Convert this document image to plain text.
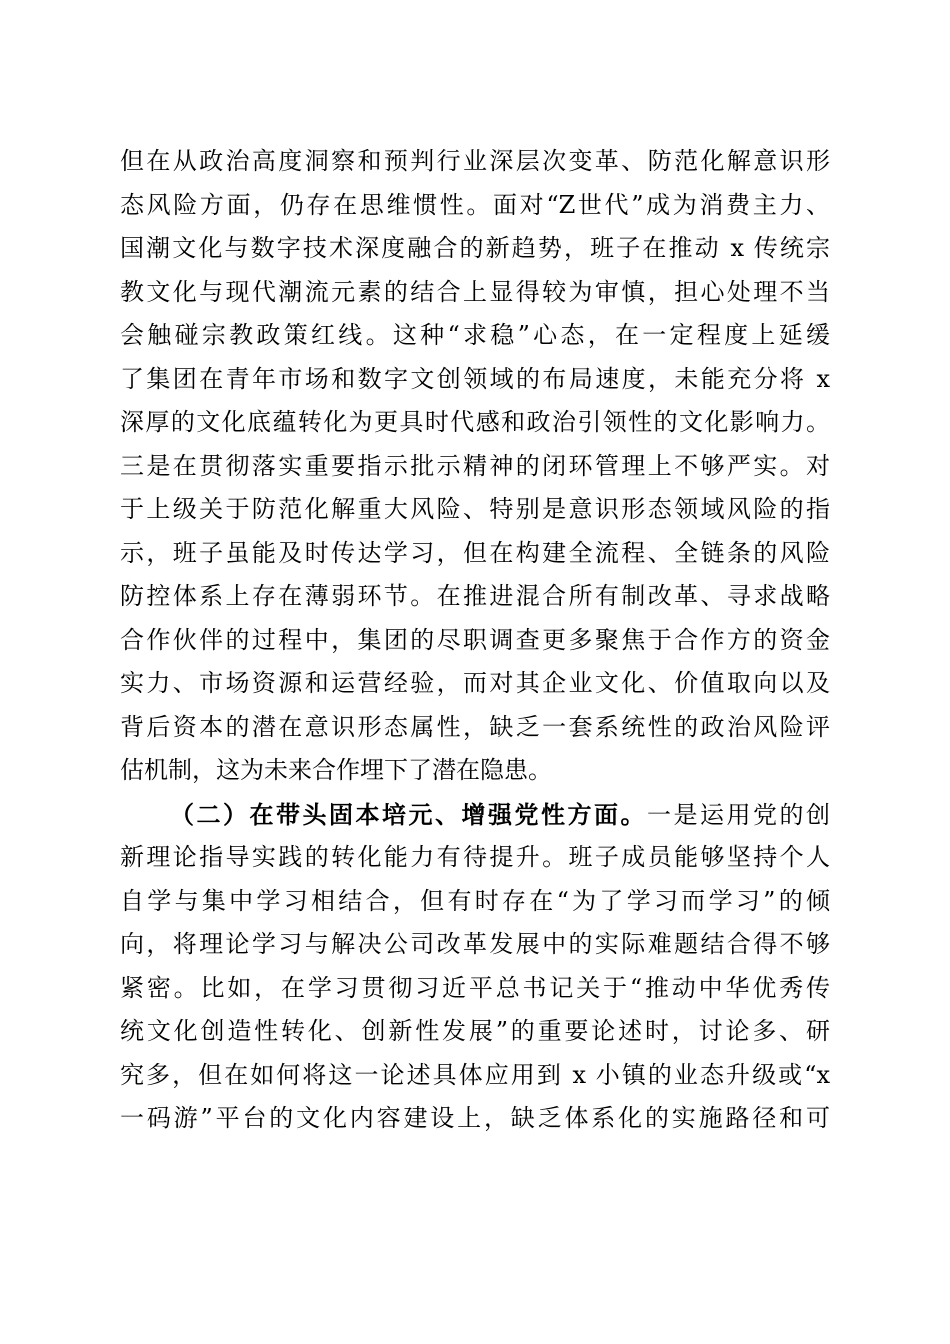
但在从政治高度洞察和预判行业深层次变革、防范化解意识形
态风险方面，仍存在思维惯性。面对“Z世代”成为消费主力、
国潮文化与数字技术深度融合的新趋势，班子在推动 x 传统宗
教文化与现代潮流元素的结合上显得较为审慎，担心处理不当
会触碰宗教政策红线。这种“求稳”心态，在一定程度上延缓
了集团在青年市场和数字文创领域的布局速度，未能充分将 x
深厚的文化底蕴转化为更具时代感和政治引领性的文化影响力。
三是在贯彻落实重要指示批示精神的闭环管理上不够严实。对
于上级关于防范化解重大风险、特别是意识形态领域风险的指
示，班子虽能及时传达学习，但在构建全流程、全链条的风险
防控体系上存在薄弱环节。在推进混合所有制改革、寻求战略
合作伙伴的过程中，集团的尽职调查更多聚焦于合作方的资金
实力、市场资源和运营经验，而对其企业文化、价值取向以及
背后资本的潜在意识形态属性，缺乏一套系统性的政治风险评
估机制，这为未来合作埋下了潜在隐患。
（二）在带头固本培元、增强党性方面。一是运用党的创
新理论指导实践的转化能力有待提升。班子成员能够坚持个人
自学与集中学习相结合，但有时存在“为了学习而学习”的倾
向，将理论学习与解决公司改革发展中的实际难题结合得不够
紧密。比如，在学习贯彻习近平总书记关于“推动中华优秀传
统文化创造性转化、创新性发展”的重要论述时，讨论多、研
究多，但在如何将这一论述具体应用到 x 小镇的业态升级或“x
一码游”平台的文化内容建设上，缺乏体系化的实施路径和可
